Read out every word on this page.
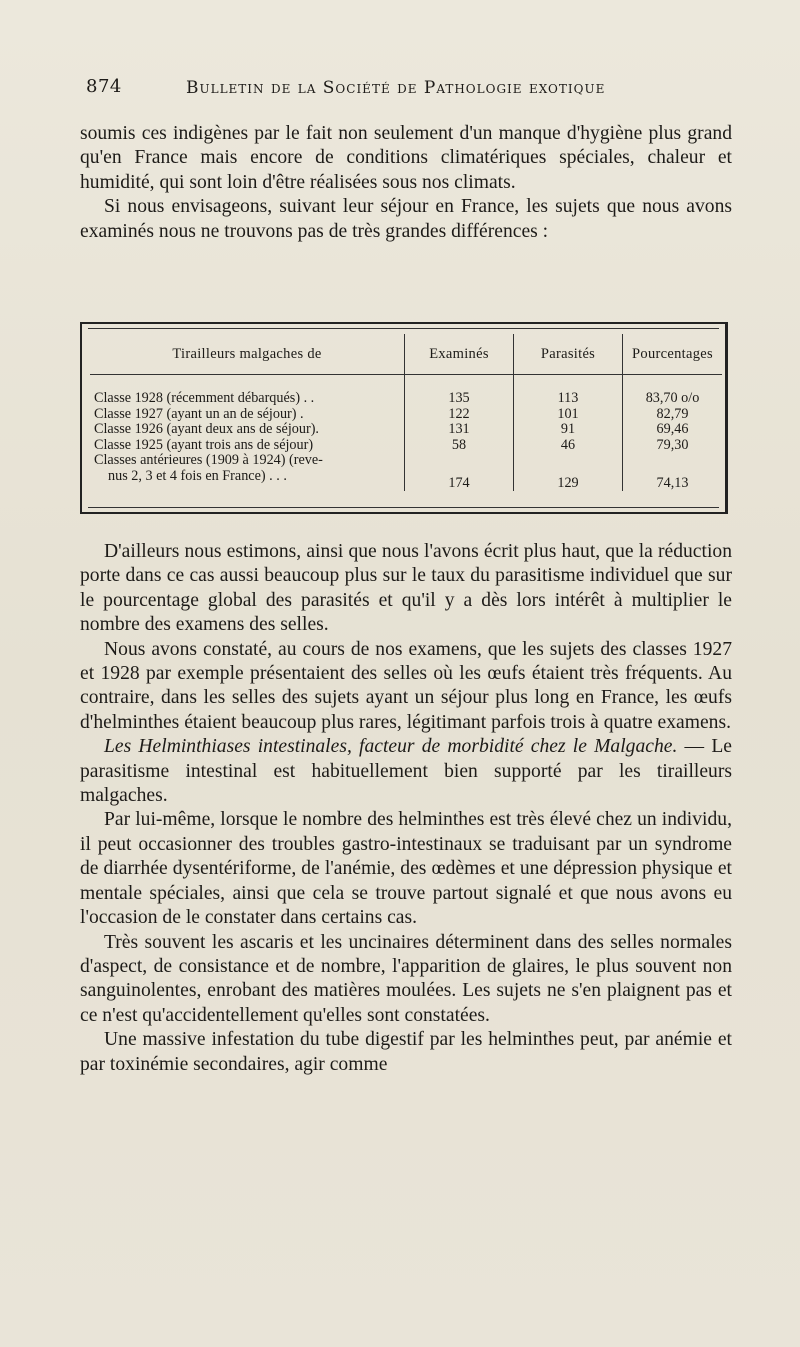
874	Bulletin de la Société de Pathologie exotique

soumis ces indigènes par le fait non seulement d'un manque d'hygiène plus grand qu'en France mais encore de conditions climatériques spéciales, chaleur et humidité, qui sont loin d'être réalisées sous nos climats.

Si nous envisageons, suivant leur séjour en France, les sujets que nous avons examinés nous ne trouvons pas de très grandes différences :

Tirailleurs malgaches de	Examinés	Parasités	Pourcentages
Classe 1928 (récemment débarqués) . .	135	113	83,70 o/o
Classe 1927 (ayant un an de séjour) .	122	101	82,79
Classe 1926 (ayant deux ans de séjour).	131	91	69,46
Classe 1925 (ayant trois ans de séjour)	58	46	79,30
Classes antérieures (1909 à 1924) (reve-
nus 2, 3 et 4 fois en France) . . .	174	129	74,13

D'ailleurs nous estimons, ainsi que nous l'avons écrit plus haut, que la réduction porte dans ce cas aussi beaucoup plus sur le taux du parasitisme individuel que sur le pourcentage global des parasités et qu'il y a dès lors intérêt à multiplier le nombre des examens des selles.

Nous avons constaté, au cours de nos examens, que les sujets des classes 1927 et 1928 par exemple présentaient des selles où les œufs étaient très fréquents. Au contraire, dans les selles des sujets ayant un séjour plus long en France, les œufs d'helminthes étaient beaucoup plus rares, légitimant parfois trois à quatre examens.

Les Helminthiases intestinales, facteur de morbidité chez le Malgache. — Le parasitisme intestinal est habituellement bien supporté par les tirailleurs malgaches.

Par lui-même, lorsque le nombre des helminthes est très élevé chez un individu, il peut occasionner des troubles gastro-intestinaux se traduisant par un syndrome de diarrhée dysentériforme, de l'anémie, des œdèmes et une dépression physique et mentale spéciales, ainsi que cela se trouve partout signalé et que nous avons eu l'occasion de le constater dans certains cas.

Très souvent les ascaris et les uncinaires déterminent dans des selles normales d'aspect, de consistance et de nombre, l'apparition de glaires, le plus souvent non sanguinolentes, enrobant des matières moulées. Les sujets ne s'en plaignent pas et ce n'est qu'accidentellement qu'elles sont constatées.

Une massive infestation du tube digestif par les helminthes peut, par anémie et par toxinémie secondaires, agir comme
